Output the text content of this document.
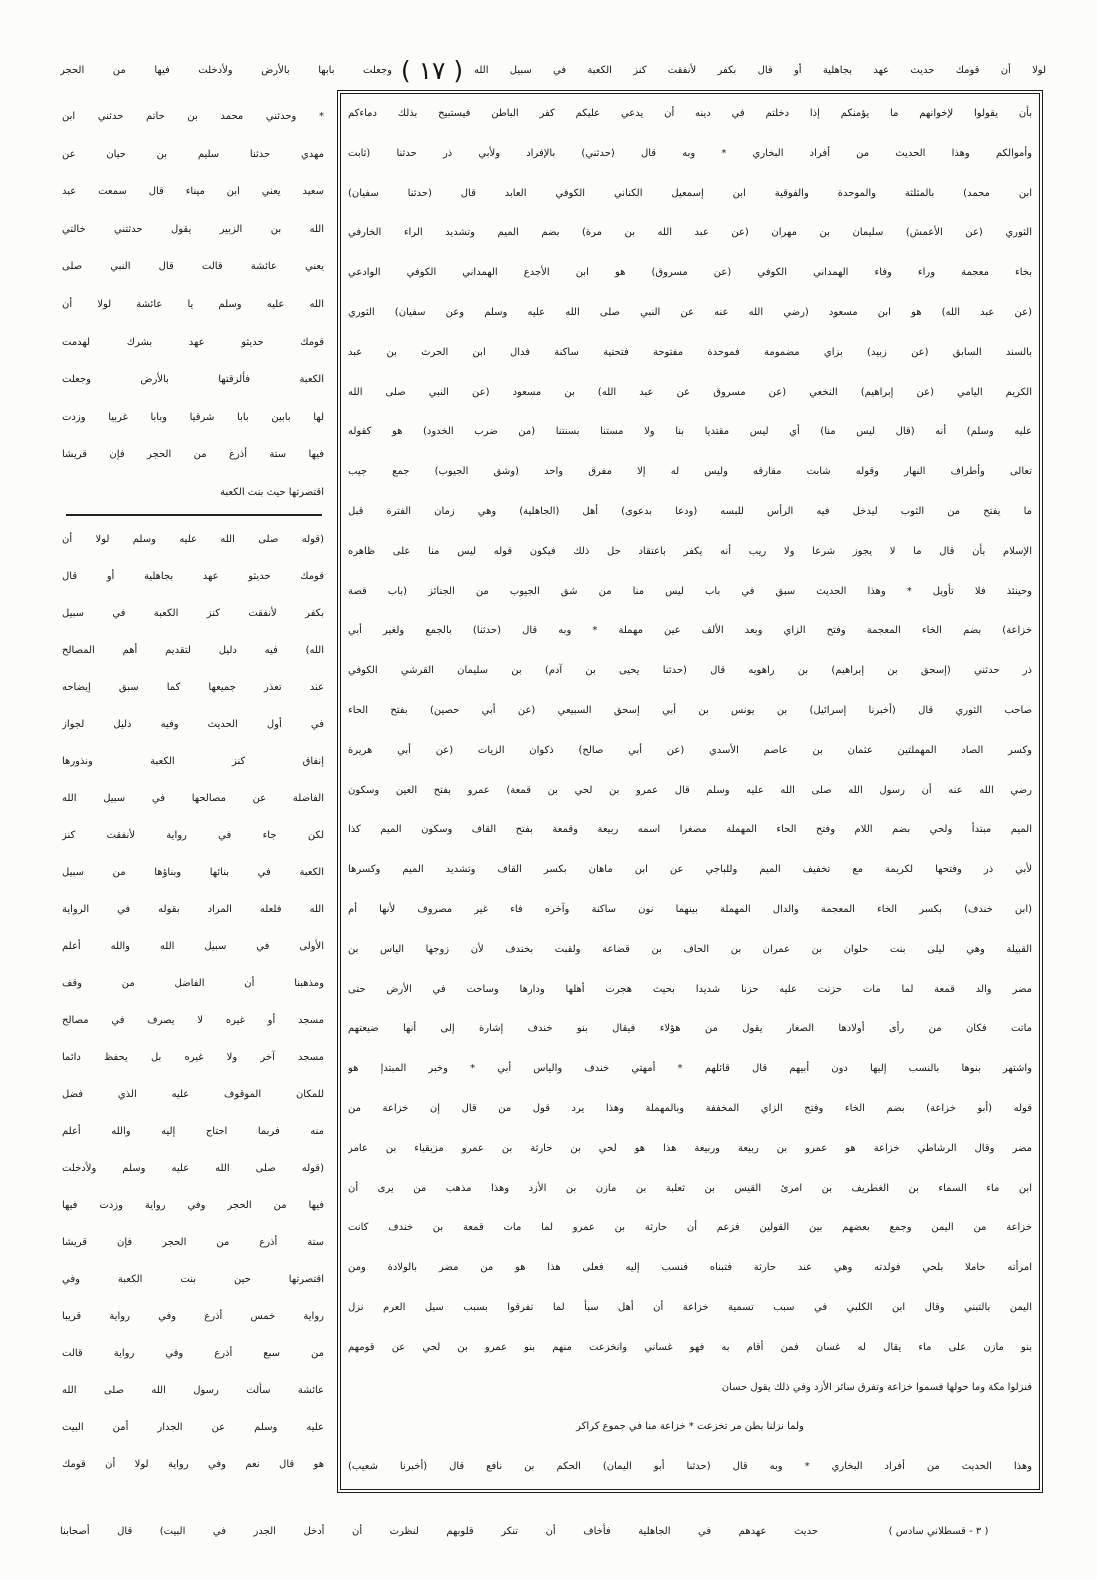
لولا أن قومك حديث عهد بجاهلية أو قال بكفر لأنفقت كنز الكعبة في سبيل الله
( ١٧ )
وجعلت بابها بالأرض ولأدخلت فيها من الحجر
بأن يقولوا لإخوانهم ما يؤمنكم إذا دخلتم في دينه أن يدعي عليكم كفر الباطن فيستبيح بذلك دماءكم
وأموالكم وهذا الحديث من أفراد البخاري * وبه قال (حدثني) بالإفراد ولأبي ذر حدثنا (ثابت
ابن محمد) بالمثلثة والموحدة والفوقية ابن إسمعيل الكناني الكوفي العابد قال (حدثنا سفيان)
الثوري (عن الأعمش) سليمان بن مهران (عن عبد الله بن مرة) بضم الميم وتشديد الراء الخارفي
بخاء معجمة وراء وفاء الهمداني الكوفي (عن مسروق) هو ابن الأجدع الهمداني الكوفي الوادعي
(عن عبد الله) هو ابن مسعود (رضي الله عنه عن النبي صلى الله عليه وسلم وعن سفيان) الثوري
بالسند السابق (عن زبيد) بزاي مضمومة فموحدة مفتوحة فتحتية ساكنة فدال ابن الحرث بن عبد
الكريم اليامي (عن إبراهيم) النخعي (عن مسروق عن عبد الله) بن مسعود (عن النبي صلى الله
عليه وسلم) أنه (قال ليس منا) أي ليس مقتديا بنا ولا مستنا بسنتنا (من ضرب الخدود) هو كقوله
تعالى وأطراف النهار وقوله شابت مفارقه وليس له إلا مفرق واحد (وشق الجيوب) جمع جيب
ما يفتح من الثوب ليدخل فيه الرأس للبسه (ودعا بدعوى) أهل (الجاهلية) وهي زمان الفترة قبل
الإسلام بأن قال ما لا يجوز شرعا ولا ريب أنه يكفر باعتقاد حل ذلك فيكون قوله ليس منا على ظاهره
وحينئذ فلا تأويل * وهذا الحديث سبق في باب ليس منا من شق الجيوب من الجنائز (باب قصة
خزاعة) بضم الخاء المعجمة وفتح الزاي وبعد الألف عين مهملة * وبه قال (حدثنا) بالجمع ولغير أبي
ذر حدثني (إسحق بن إبراهيم) بن راهويه قال (حدثنا يحيى بن آدم) بن سليمان القرشي الكوفي
صاحب الثوري قال (أخبرنا إسرائيل) بن يونس بن أبي إسحق السبيعي (عن أبي حصين) بفتح الحاء
وكسر الصاد المهملتين عثمان بن عاصم الأسدي (عن أبي صالح) ذكوان الزيات (عن أبي هريرة
رضي الله عنه أن رسول الله صلى الله عليه وسلم قال عمرو بن لحي بن قمعة) عمرو بفتح العين وسكون
الميم مبتدأ ولحي بضم اللام وفتح الحاء المهملة مصغرا اسمه ربيعة وقمعة بفتح القاف وسكون الميم كذا
لأبي ذر وفتحها لكريمة مع تخفيف الميم وللباجي عن ابن ماهان بكسر القاف وتشديد الميم وكسرها
(ابن خندف) بكسر الخاء المعجمة والدال المهملة بينهما نون ساكنة وآخره فاء غير مصروف لأنها أم
القبيلة وهي ليلى بنت حلوان بن عمران بن الحاف بن قضاعة ولقبت بخندف لأن زوجها الياس بن
مضر والد قمعة لما مات حزنت عليه حزنا شديدا بحيث هجرت أهلها ودارها وساحت في الأرض حتى
ماتت فكان من رأى أولادها الصغار يقول من هؤلاء فيقال بنو خندف إشارة إلى أنها ضيعتهم
واشتهر بنوها بالنسب إليها دون أبيهم قال قائلهم * أمهتي خندف والياس أبي * وخبر المبتدإ هو
قوله (أبو خزاعة) بضم الخاء وفتح الزاي المخففة وبالمهملة وهذا يرد قول من قال إن خزاعة من
مضر وقال الرشاطي خزاعة هو عمرو بن ربيعة وربيعة هذا هو لحي بن حارثة بن عمرو مزيقياء بن عامر
ابن ماء السماء بن الغطريف بن امرئ القيس بن ثعلبة بن مازن بن الأزد وهذا مذهب من يرى أن
خزاعة من اليمن وجمع بعضهم بين القولين فزعم أن حارثة بن عمرو لما مات قمعة بن خندف كانت
امرأته حاملا بلحي فولدته وهي عند حارثة فتبناه فنسب إليه فعلى هذا هو من مضر بالولادة ومن
اليمن بالتبني وقال ابن الكلبي في سبب تسمية خزاعة أن أهل سبأ لما تفرقوا بسبب سيل العرم نزل
بنو مازن على ماء يقال له غسان فمن أقام به فهو غساني وانخزعت منهم بنو عمرو بن لحي عن قومهم
فنزلوا مكة وما حولها فسموا خزاعة وتفرق سائر الأزد وفي ذلك يقول حسان
ولما نزلنا بطن مر تخزعت * خزاعة منا في جموع كراكر
وهذا الحديث من أفراد البخاري * وبه قال (حدثنا أبو اليمان) الحكم بن نافع قال (أخبرنا شعيب)
* وحدثني محمد بن حاتم حدثني ابن
مهدي حدثنا سليم بن حيان عن
سعيد يعني ابن ميناء قال سمعت عبد
الله بن الزبير يقول حدثتني خالتي
يعني عائشة قالت قال النبي صلى
الله عليه وسلم يا عائشة لولا أن
قومك حديثو عهد بشرك لهدمت
الكعبة فألزقتها بالأرض وجعلت
لها بابين بابا شرقيا وبابا غربيا وزدت
فيها ستة أذرع من الحجر فإن قريشا
اقتصرتها حيث بنت الكعبة
(قوله صلى الله عليه وسلم لولا أن
قومك حديثو عهد بجاهلية أو قال
بكفر لأنفقت كنز الكعبة في سبيل
الله) فيه دليل لتقديم أهم المصالح
عند تعذر جميعها كما سبق إيضاحه
في أول الحديث وفيه دليل لجواز
إنفاق كنز الكعبة ونذورها
الفاضلة عن مصالحها في سبيل الله
لكن جاء في رواية لأنفقت كنز
الكعبة في بنائها وبناؤها من سبيل
الله فلعله المراد بقوله في الرواية
الأولى في سبيل الله والله أعلم
ومذهبنا أن الفاضل من وقف
مسجد أو غيره لا يصرف في مصالح
مسجد آخر ولا غيره بل يحفظ دائما
للمكان الموقوف عليه الذي فضل
منه فربما احتاج إليه والله أعلم
(قوله صلى الله عليه وسلم ولأدخلت
فيها من الحجر وفي رواية وزدت فيها
ستة أذرع من الحجر فإن قريشا
اقتصرتها حين بنت الكعبة وفي
رواية خمس أذرع وفي رواية قريبا
من سبع أذرع وفي رواية قالت
عائشة سألت رسول الله صلى الله
عليه وسلم عن الجدار أمن البيت
هو قال نعم وفي رواية لولا أن قومك
( ٣ - قسطلاني سادس )
حديث عهدهم في الجاهلية فأخاف أن تنكر قلوبهم لنظرت أن أدخل الجدر في البيت) قال أصحابنا
